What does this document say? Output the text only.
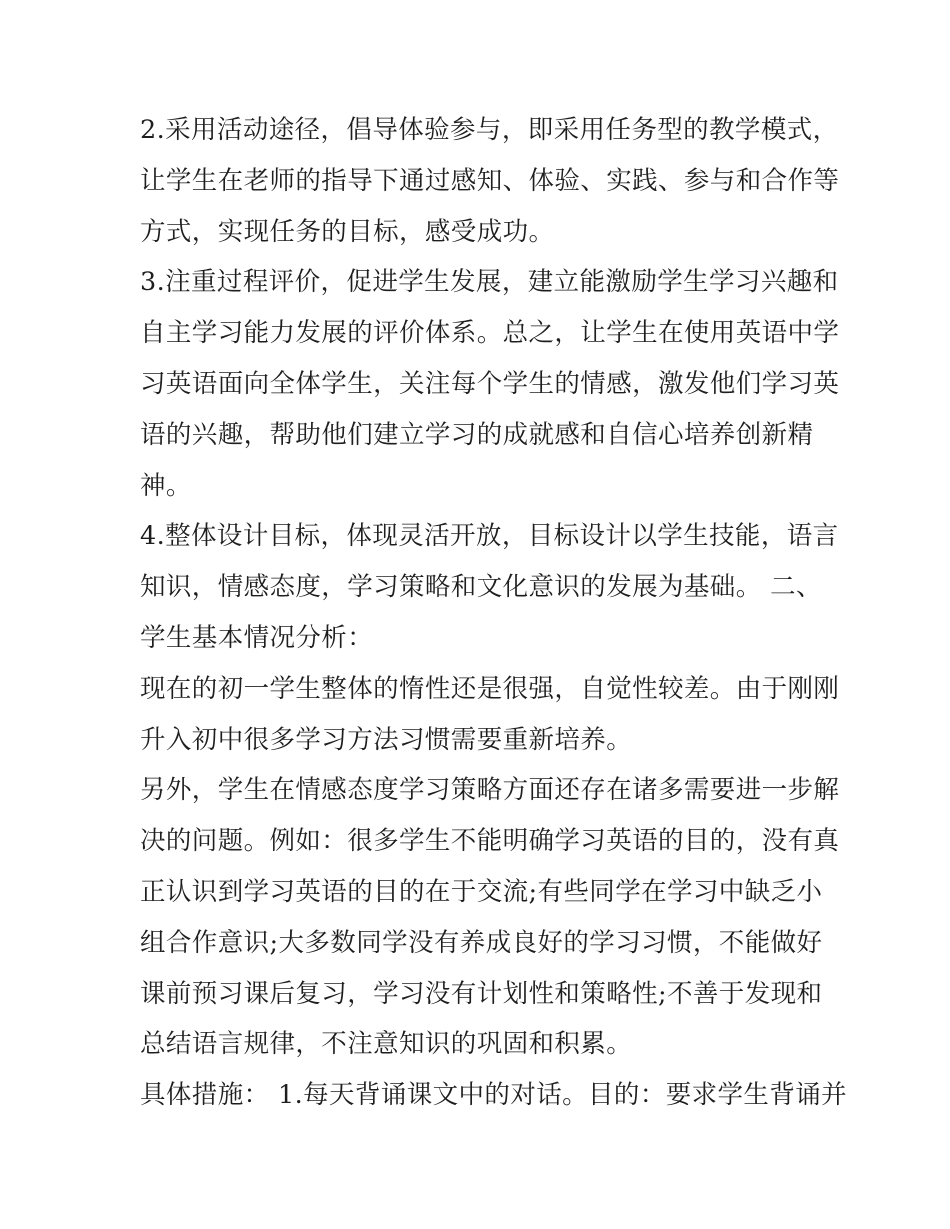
2.采用活动途径，倡导体验参与，即采用任务型的教学模式，
让学生在老师的指导下通过感知、体验、实践、参与和合作等
方式，实现任务的目标，感受成功。
3.注重过程评价，促进学生发展，建立能激励学生学习兴趣和
自主学习能力发展的评价体系。总之，让学生在使用英语中学
习英语面向全体学生，关注每个学生的情感，激发他们学习英
语的兴趣，帮助他们建立学习的成就感和自信心培养创新精
神。
4.整体设计目标，体现灵活开放，目标设计以学生技能，语言
知识，情感态度，学习策略和文化意识的发展为基础。 二、
学生基本情况分析：
现在的初一学生整体的惰性还是很强，自觉性较差。由于刚刚
升入初中很多学习方法习惯需要重新培养。
另外，学生在情感态度学习策略方面还存在诸多需要进一步解
决的问题。例如：很多学生不能明确学习英语的目的，没有真
正认识到学习英语的目的在于交流;有些同学在学习中缺乏小
组合作意识;大多数同学没有养成良好的学习习惯，不能做好
课前预习课后复习，学习没有计划性和策略性;不善于发现和
总结语言规律，不注意知识的巩固和积累。
具体措施： 1.每天背诵课文中的对话。目的：要求学生背诵并
